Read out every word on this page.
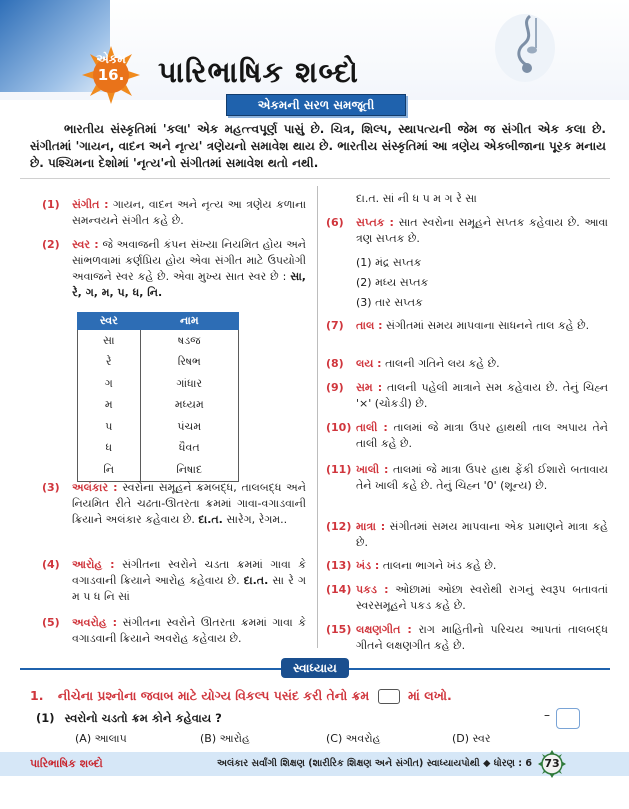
એકમ
16. પારિભાષિક શબ્દો
એકમની સરળ સમજૂતી

ભારતીય સંસ્કૃતિમાં 'કલા' એક મહત્ત્વપૂર્ણ પાસું છે. ચિત્ર, શિલ્પ, સ્થાપત્યની જેમ જ સંગીત એક કલા છે. સંગીતમાં 'ગાયન, વાદન અને નૃત્ય' ત્રણેયનો સમાવેશ થાય છે. ભારતીય સંસ્કૃતિમાં આ ત્રણેય એકબીજાના પૂરક મનાય છે. પશ્ચિમના દેશોમાં 'નૃત્ય'નો સંગીતમાં સમાવેશ થતો નથી.

(1) સંગીત : ગાયન, વાદન અને નૃત્ય આ ત્રણેય કળાના સમન્વયને સંગીત કહે છે.
(2) સ્વર : જે અવાજની કંપન સંખ્યા નિયમિત હોય અને સાંભળવામાં કર્ણપ્રિય હોય એવા સંગીત માટે ઉપયોગી અવાજને સ્વર કહે છે. એવા મુખ્ય સાત સ્વર છે : સા, રે, ગ, મ, પ, ધ, નિ.
સ્વર	નામ
સા	ષડજ
રે	રિષભ
ગ	ગાંધાર
મ	મધ્યમ
પ	પંચમ
ધ	ધૈવત
નિ	નિષાદ
(3) અલંકાર : સ્વરોના સમૂહને ક્રમબદ્ધ, તાલબદ્ધ અને નિયમિત રીતે ચઢતા-ઊતરતા ક્રમમાં ગાવા-વગાડવાની ક્રિયાને અલંકાર કહેવાય છે. દા.ત. સારેગ, રેગમ..
(4) આરોહ : સંગીતના સ્વરોને ચડતા ક્રમમાં ગાવા કે વગાડવાની ક્રિયાને આરોહ કહેવાય છે. દા.ત. સા રે ગ મ પ ધ નિ સાં
(5) અવરોહ : સંગીતના સ્વરોને ઊતરતા ક્રમમાં ગાવા કે વગાડવાની ક્રિયાને અવરોહ કહેવાય છે.
દા.ત. સાં ની ધ પ મ ગ રે સા
(6) સપ્તક : સાત સ્વરોના સમૂહને સપ્તક કહેવાય છે. આવા ત્રણ સપ્તક છે.
(1) મંદ્ર સપ્તક
(2) મધ્ય સપ્તક
(3) તાર સપ્તક
(7) તાલ : સંગીતમાં સમય માપવાના સાધનને તાલ કહે છે.
(8) લય : તાલની ગતિને લય કહે છે.
(9) સમ : તાલની પહેલી માત્રાને સમ કહેવાય છે. તેનું ચિહ્ન '×' (ચોકડી) છે.
(10) તાલી : તાલમાં જે માત્રા ઉપર હાથથી તાલ અપાય તેને તાલી કહે છે.
(11) ખાલી : તાલમાં જે માત્રા ઉપર હાથ ફેંકી ઈશારો બતાવાય તેને ખાલી કહે છે. તેનું ચિહ્ન '0' (શૂન્ય) છે.
(12) માત્રા : સંગીતમાં સમય માપવાના એક પ્રમાણને માત્રા કહે છે.
(13) ખંડ : તાલના ભાગને ખંડ કહે છે.
(14) પકડ : ઓછામાં ઓછા સ્વરોથી રાગનું સ્વરૂપ બતાવતાં સ્વરસમૂહને પકડ કહે છે.
(15) લક્ષણગીત : રાગ માહિતીનો પરિચય આપતાં તાલબદ્ધ ગીતને લક્ષણગીત કહે છે.
સ્વાધ્યાય
1. નીચેના પ્રશ્નોના જવાબ માટે યોગ્ય વિકલ્પ પસંદ કરી તેનો ક્રમ	માં લખો.
(1) સ્વરોનો ચડતો ક્રમ કોને કહેવાય ?	–
(A) આલાપ	(B) આરોહ	(C) અવરોહ	(D) સ્વર
પારિભાષિક શબ્દો	અલંકાર સર્વાંગી શિક્ષણ (શારીરિક શિક્ષણ અને સંગીત) સ્વાધ્યાયપોથી ◆ ધોરણ : 6	73
